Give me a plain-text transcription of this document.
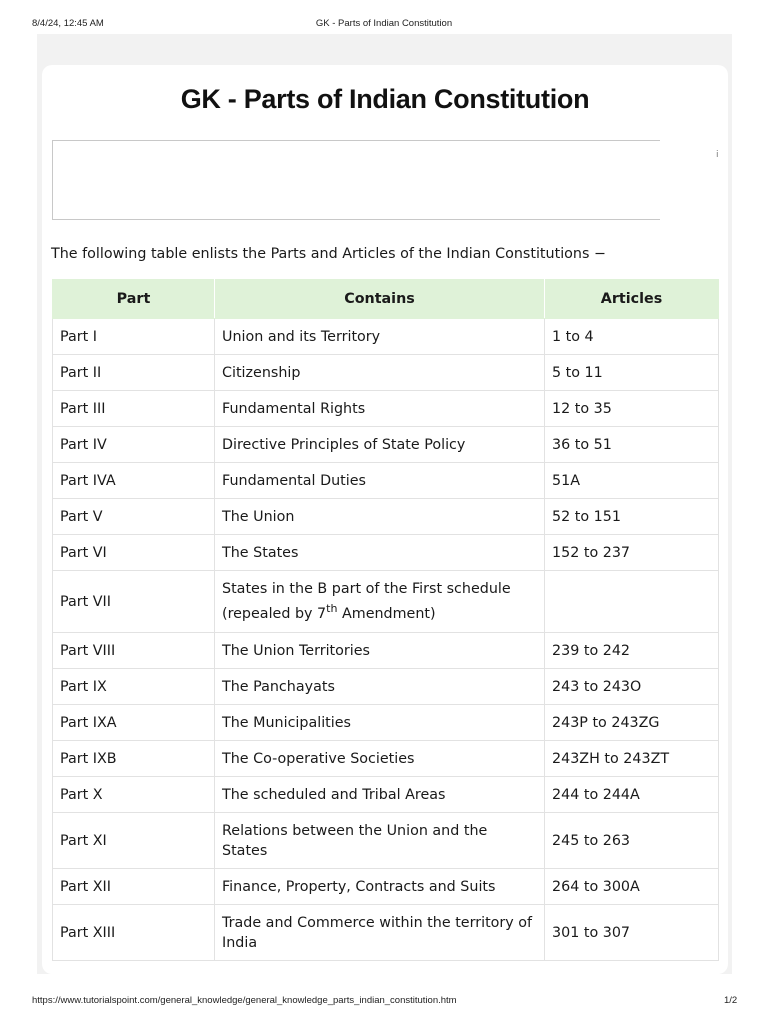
8/4/24, 12:45 AM	GK - Parts of Indian Constitution
GK - Parts of Indian Constitution
i

The following table enlists the Parts and Articles of the Indian Constitutions −

Part	Contains	Articles
Part I	Union and its Territory	1 to 4
Part II	Citizenship	5 to 11
Part III	Fundamental Rights	12 to 35
Part IV	Directive Principles of State Policy	36 to 51
Part IVA	Fundamental Duties	51A
Part V	The Union	52 to 151
Part VI	The States	152 to 237
Part VII	States in the B part of the First schedule
(repealed by 7th Amendment)	
Part VIII	The Union Territories	239 to 242
Part IX	The Panchayats	243 to 243O
Part IXA	The Municipalities	243P to 243ZG
Part IXB	The Co-operative Societies	243ZH to 243ZT
Part X	The scheduled and Tribal Areas	244 to 244A
Part XI	Relations between the Union and the States	245 to 263
Part XII	Finance, Property, Contracts and Suits	264 to 300A
Part XIII	Trade and Commerce within the territory of India	301 to 307
https://www.tutorialspoint.com/general_knowledge/general_knowledge_parts_indian_constitution.htm	1/2
